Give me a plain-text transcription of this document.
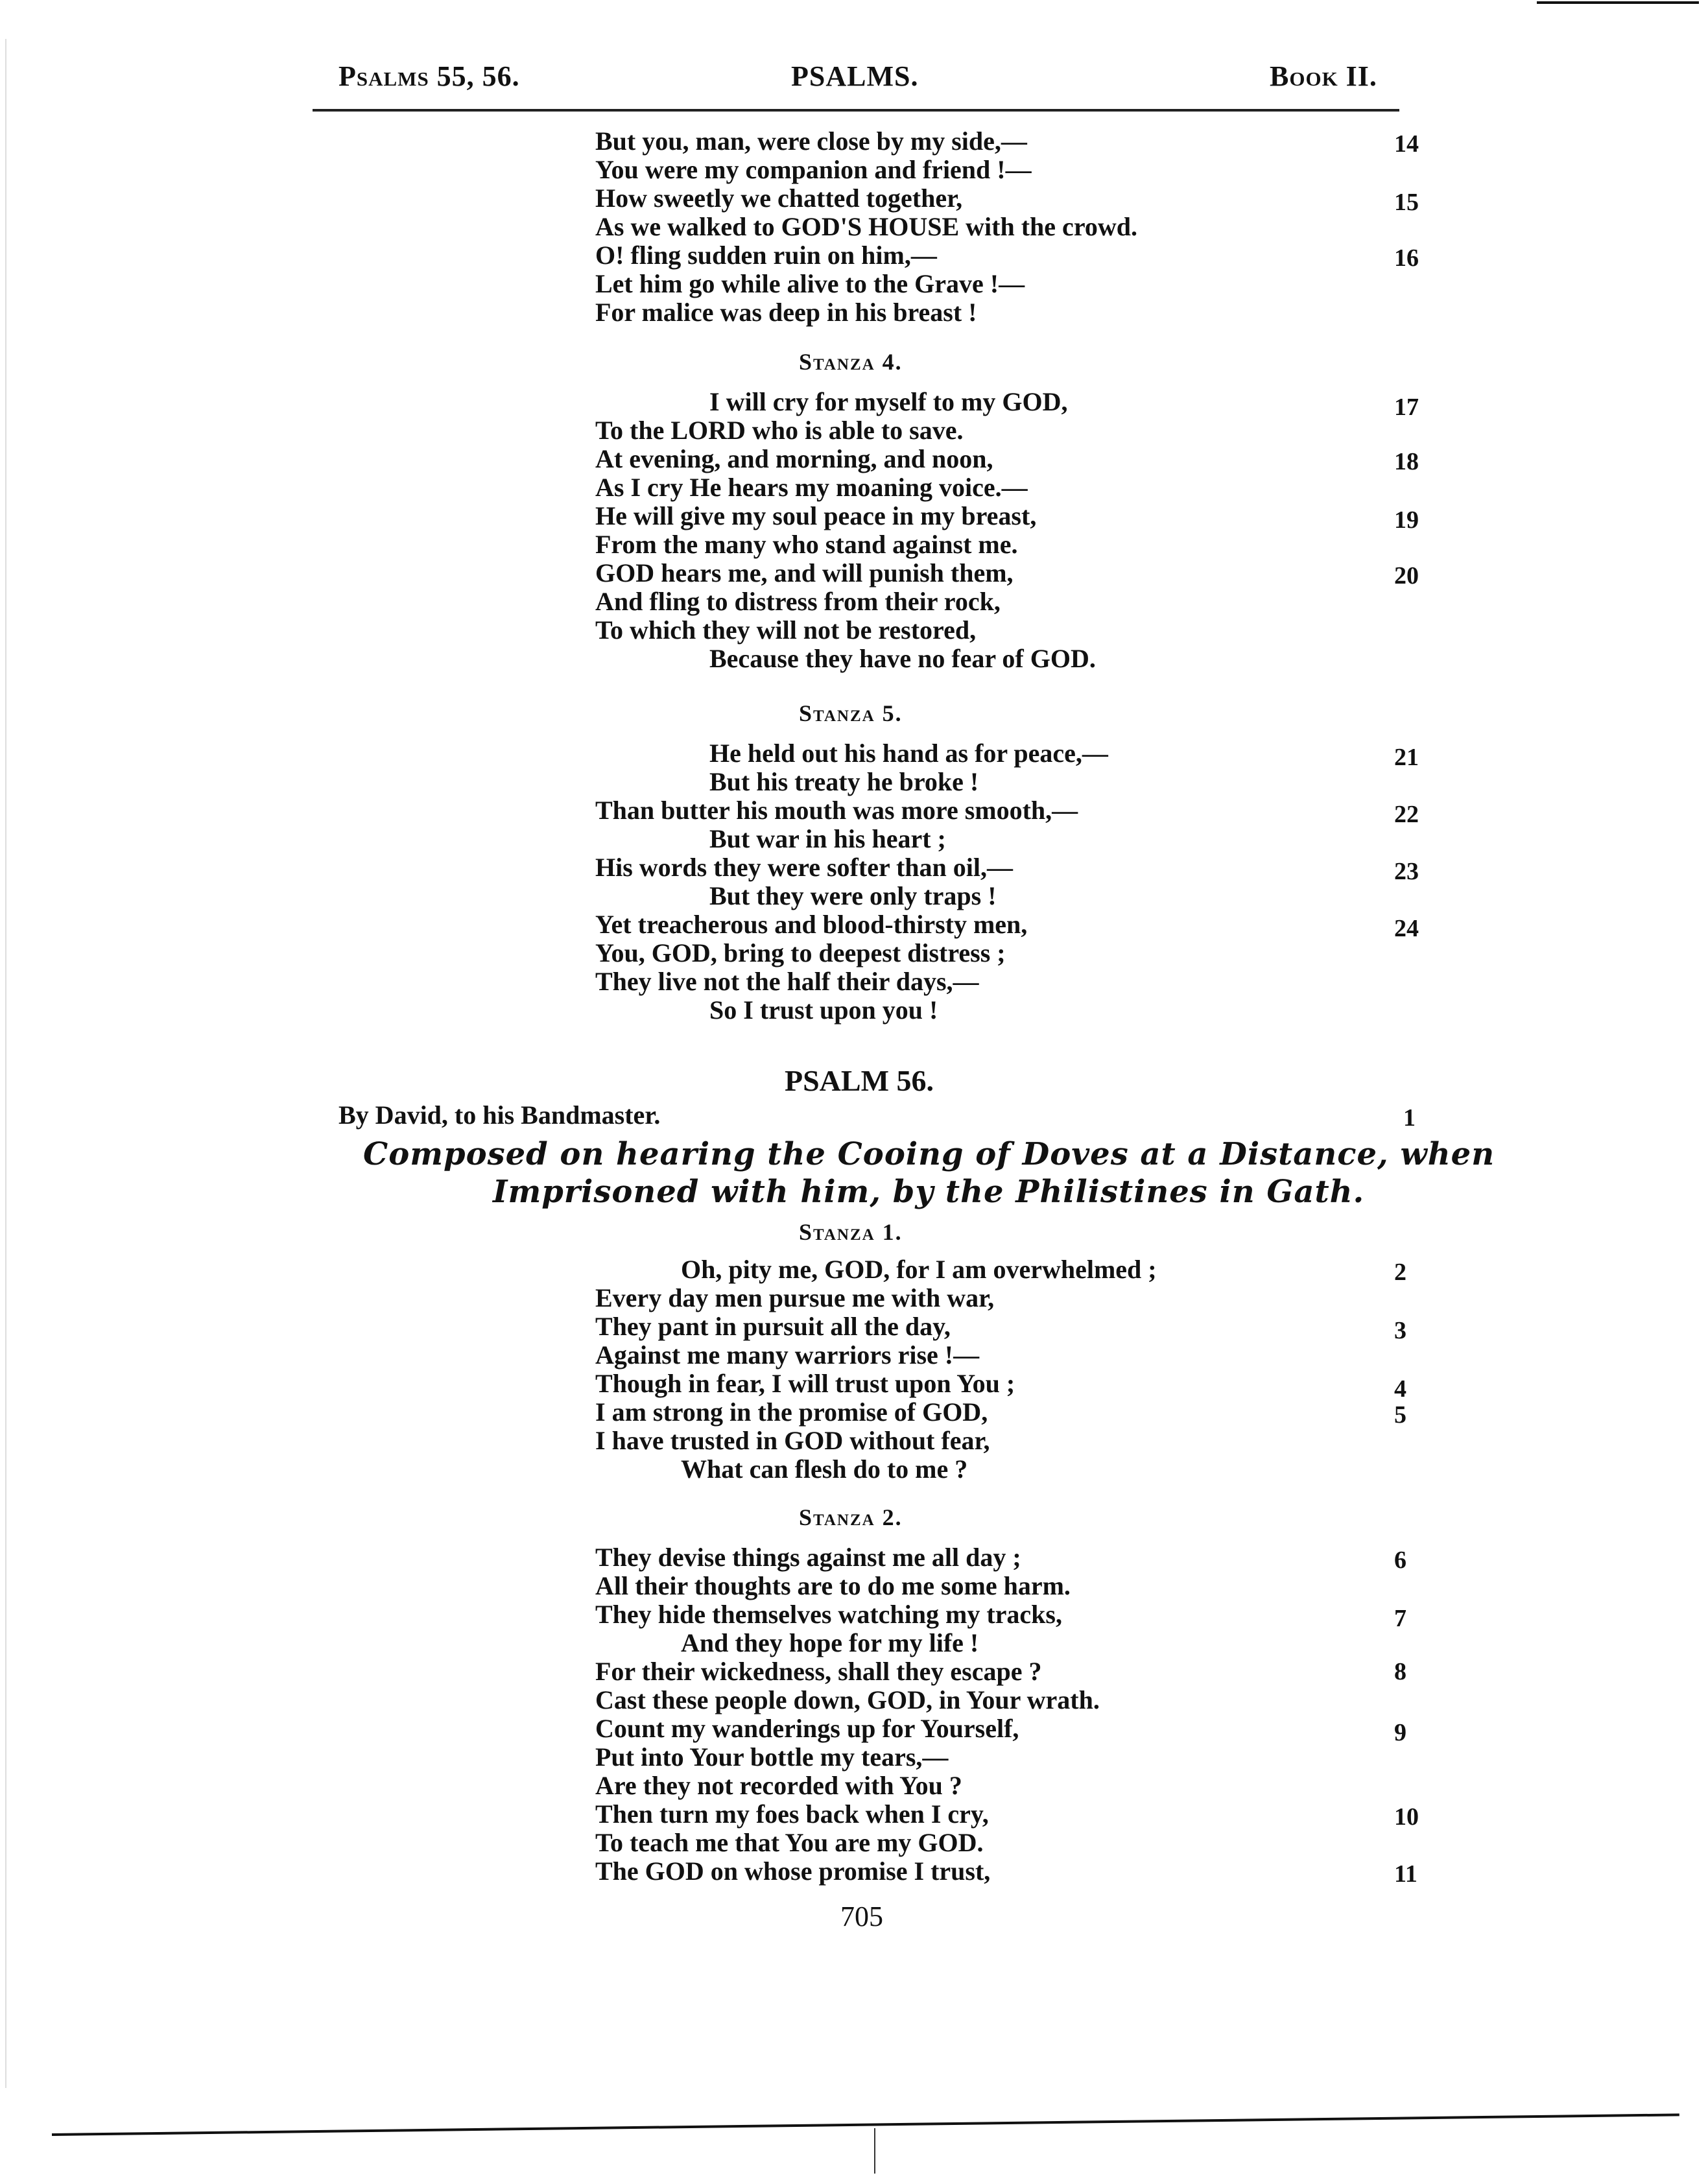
Psalms 55, 56.	PSALMS.	Book II.
But you, man, were close by my side,—	14
You were my companion and friend !—
How sweetly we chatted together,	15
As we walked to GOD'S HOUSE with the crowd.
O! fling sudden ruin on him,—	16
Let him go while alive to the Grave !—
For malice was deep in his breast !
Stanza 4.
I will cry for myself to my GOD,	17
To the LORD who is able to save.
At evening, and morning, and noon,	18
As I cry He hears my moaning voice.—
He will give my soul peace in my breast,	19
From the many who stand against me.
GOD hears me, and will punish them,	20
And fling to distress from their rock,
To which they will not be restored,
Because they have no fear of GOD.
Stanza 5.
He held out his hand as for peace,—	21
But his treaty he broke !
Than butter his mouth was more smooth,—	22
But war in his heart ;
His words they were softer than oil,—	23
But they were only traps !
Yet treacherous and blood-thirsty men,	24
You, GOD, bring to deepest distress ;
They live not the half their days,—
So I trust upon you !
PSALM 56.
By David, to his Bandmaster.	1
Composed on hearing the Cooing of Doves at a Distance, when
Imprisoned with him, by the Philistines in Gath.
Stanza 1.
Oh, pity me, GOD, for I am overwhelmed ;	2
Every day men pursue me with war,
They pant in pursuit all the day,	3
Against me many warriors rise !—
Though in fear, I will trust upon You ;	4
I am strong in the promise of GOD,	5
I have trusted in GOD without fear,
What can flesh do to me ?
Stanza 2.
They devise things against me all day ;	6
All their thoughts are to do me some harm.
They hide themselves watching my tracks,	7
And they hope for my life !
For their wickedness, shall they escape ?	8
Cast these people down, GOD, in Your wrath.
Count my wanderings up for Yourself,	9
Put into Your bottle my tears,—
Are they not recorded with You ?
Then turn my foes back when I cry,	10
To teach me that You are my GOD.
The GOD on whose promise I trust,	11
705
